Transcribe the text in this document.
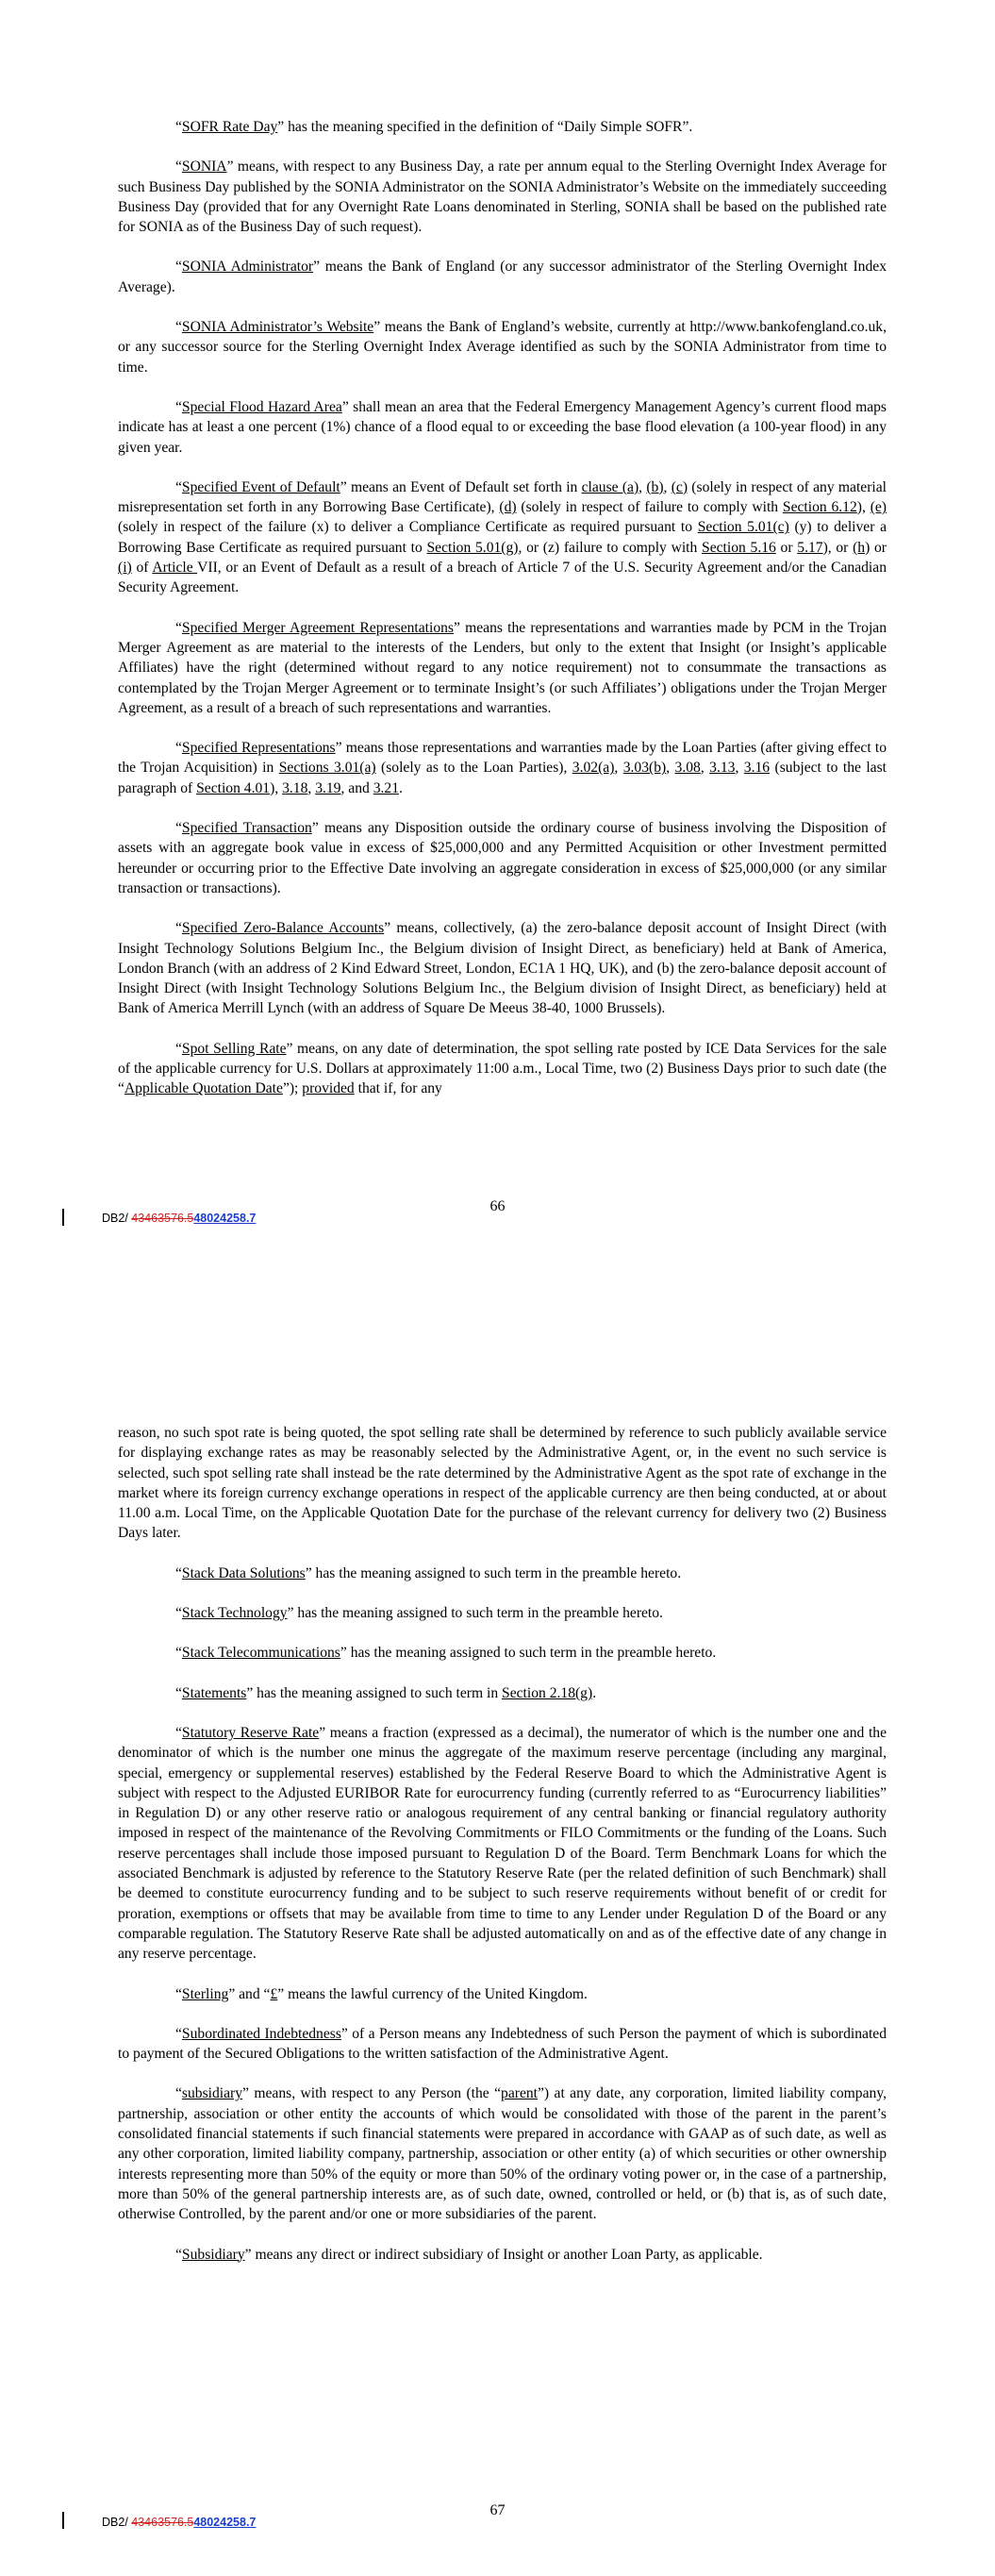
“SOFR Rate Day” has the meaning specified in the definition of “Daily Simple SOFR”.

“SONIA” means, with respect to any Business Day, a rate per annum equal to the Sterling Overnight Index Average for such Business Day published by the SONIA Administrator on the SONIA Administrator’s Website on the immediately succeeding Business Day (provided that for any Overnight Rate Loans denominated in Sterling, SONIA shall be based on the published rate for SONIA as of the Business Day of such request).

“SONIA Administrator” means the Bank of England (or any successor administrator of the Sterling Overnight Index Average).

“SONIA Administrator’s Website” means the Bank of England’s website, currently at http://www.bankofengland.co.uk, or any successor source for the Sterling Overnight Index Average identified as such by the SONIA Administrator from time to time.

“Special Flood Hazard Area” shall mean an area that the Federal Emergency Management Agency’s current flood maps indicate has at least a one percent (1%) chance of a flood equal to or exceeding the base flood elevation (a 100-year flood) in any given year.

“Specified Event of Default” means an Event of Default set forth in clause (a), (b), (c) (solely in respect of any material misrepresentation set forth in any Borrowing Base Certificate), (d) (solely in respect of failure to comply with Section 6.12), (e) (solely in respect of the failure (x) to deliver a Compliance Certificate as required pursuant to Section 5.01(c) (y) to deliver a Borrowing Base Certificate as required pursuant to Section 5.01(g), or (z) failure to comply with Section 5.16 or 5.17), or (h) or (i) of Article VII, or an Event of Default as a result of a breach of Article 7 of the U.S. Security Agreement and/or the Canadian Security Agreement.

“Specified Merger Agreement Representations” means the representations and warranties made by PCM in the Trojan Merger Agreement as are material to the interests of the Lenders, but only to the extent that Insight (or Insight’s applicable Affiliates) have the right (determined without regard to any notice requirement) not to consummate the transactions as contemplated by the Trojan Merger Agreement or to terminate Insight’s (or such Affiliates’) obligations under the Trojan Merger Agreement, as a result of a breach of such representations and warranties.

“Specified Representations” means those representations and warranties made by the Loan Parties (after giving effect to the Trojan Acquisition) in Sections 3.01(a) (solely as to the Loan Parties), 3.02(a), 3.03(b), 3.08, 3.13, 3.16 (subject to the last paragraph of Section 4.01), 3.18, 3.19, and 3.21.

“Specified Transaction” means any Disposition outside the ordinary course of business involving the Disposition of assets with an aggregate book value in excess of $25,000,000 and any Permitted Acquisition or other Investment permitted hereunder or occurring prior to the Effective Date involving an aggregate consideration in excess of $25,000,000 (or any similar transaction or transactions).

“Specified Zero-Balance Accounts” means, collectively, (a) the zero-balance deposit account of Insight Direct (with Insight Technology Solutions Belgium Inc., the Belgium division of Insight Direct, as beneficiary) held at Bank of America, London Branch (with an address of 2 Kind Edward Street, London, EC1A 1 HQ, UK), and (b) the zero-balance deposit account of Insight Direct (with Insight Technology Solutions Belgium Inc., the Belgium division of Insight Direct, as beneficiary) held at Bank of America Merrill Lynch (with an address of Square De Meeus 38-40, 1000 Brussels).

“Spot Selling Rate” means, on any date of determination, the spot selling rate posted by ICE Data Services for the sale of the applicable currency for U.S. Dollars at approximately 11:00 a.m., Local Time, two (2) Business Days prior to such date (the “Applicable Quotation Date”); provided that if, for any

66
DB2/ 43463576.548024258.7

reason, no such spot rate is being quoted, the spot selling rate shall be determined by reference to such publicly available service for displaying exchange rates as may be reasonably selected by the Administrative Agent, or, in the event no such service is selected, such spot selling rate shall instead be the rate determined by the Administrative Agent as the spot rate of exchange in the market where its foreign currency exchange operations in respect of the applicable currency are then being conducted, at or about 11.00 a.m. Local Time, on the Applicable Quotation Date for the purchase of the relevant currency for delivery two (2) Business Days later.

“Stack Data Solutions” has the meaning assigned to such term in the preamble hereto.

“Stack Technology” has the meaning assigned to such term in the preamble hereto.

“Stack Telecommunications” has the meaning assigned to such term in the preamble hereto.

“Statements” has the meaning assigned to such term in Section 2.18(g).

“Statutory Reserve Rate” means a fraction (expressed as a decimal), the numerator of which is the number one and the denominator of which is the number one minus the aggregate of the maximum reserve percentage (including any marginal, special, emergency or supplemental reserves) established by the Federal Reserve Board to which the Administrative Agent is subject with respect to the Adjusted EURIBOR Rate for eurocurrency funding (currently referred to as “Eurocurrency liabilities” in Regulation D) or any other reserve ratio or analogous requirement of any central banking or financial regulatory authority imposed in respect of the maintenance of the Revolving Commitments or FILO Commitments or the funding of the Loans. Such reserve percentages shall include those imposed pursuant to Regulation D of the Board. Term Benchmark Loans for which the associated Benchmark is adjusted by reference to the Statutory Reserve Rate (per the related definition of such Benchmark) shall be deemed to constitute eurocurrency funding and to be subject to such reserve requirements without benefit of or credit for proration, exemptions or offsets that may be available from time to time to any Lender under Regulation D of the Board or any comparable regulation. The Statutory Reserve Rate shall be adjusted automatically on and as of the effective date of any change in any reserve percentage.

“Sterling” and “£” means the lawful currency of the United Kingdom.

“Subordinated Indebtedness” of a Person means any Indebtedness of such Person the payment of which is subordinated to payment of the Secured Obligations to the written satisfaction of the Administrative Agent.

“subsidiary” means, with respect to any Person (the “parent”) at any date, any corporation, limited liability company, partnership, association or other entity the accounts of which would be consolidated with those of the parent in the parent’s consolidated financial statements if such financial statements were prepared in accordance with GAAP as of such date, as well as any other corporation, limited liability company, partnership, association or other entity (a) of which securities or other ownership interests representing more than 50% of the equity or more than 50% of the ordinary voting power or, in the case of a partnership, more than 50% of the general partnership interests are, as of such date, owned, controlled or held, or (b) that is, as of such date, otherwise Controlled, by the parent and/or one or more subsidiaries of the parent.

“Subsidiary” means any direct or indirect subsidiary of Insight or another Loan Party, as applicable.

67
DB2/ 43463576.548024258.7
